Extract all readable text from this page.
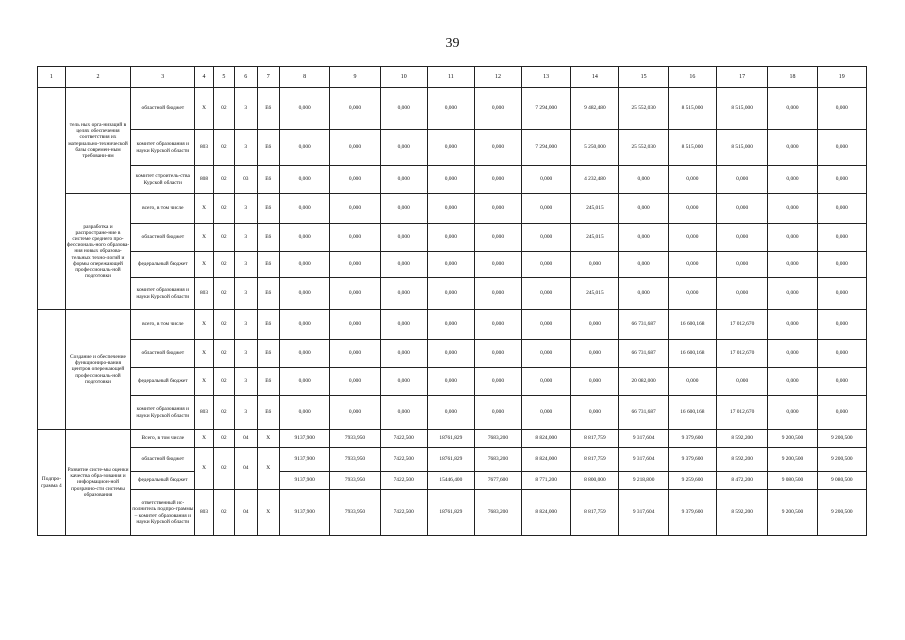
39
1	2	3	4	5	6	7	8	9	10	11	12	13	14	15	16	17	18	19
	тель ных орга-низаций в целях обеспечения соответствия их материально-технической базы современ-ным требовани-ям	областной бюджет	Х	02	3	Е6	0,000	0,000	0,000	0,000	0,000	7 294,000	9 482,480	25 552,030	8 515,000	8 515,000	0,000	0,000
		комитет образования и науки Курской области	803	02	3	Е6	0,000	0,000	0,000	0,000	0,000	7 294,000	5 250,000	25 552,030	8 515,000	8 515,000	0,000	0,000
		комитет строитель-ства Курской области	808	02	03	Е6	0,000	0,000	0,000	0,000	0,000	0,000	4 232,480	0,000	0,000	0,000	0,000	0,000
	разработка и распростране-ние в системе среднего про-фессиональ-ного образова-ния новых образова-тельных техно-логий и формы опережающей профессиональ-ной подготовки	всего, в том числе	Х	02	3	Е6	0,000	0,000	0,000	0,000	0,000	0,000	245,015	0,000	0,000	0,000	0,000	0,000
		областной бюджет	Х	02	3	Е6	0,000	0,000	0,000	0,000	0,000	0,000	245,015	0,000	0,000	0,000	0,000	0,000
		федеральный бюджет	Х	02	3	Е6	0,000	0,000	0,000	0,000	0,000	0,000	0,000	0,000	0,000	0,000	0,000	0,000
		комитет образования и науки Курской области	803	02	3	Е6	0,000	0,000	0,000	0,000	0,000	0,000	245,015	0,000	0,000	0,000	0,000	0,000
	Создание и обеспечение функциониро-вания центров опережающей профессиональ-ной подготовки	всего, в том числе	Х	02	3	Е6	0,000	0,000	0,000	0,000	0,000	0,000	0,000	66 731,687	16 600,168	17 012,670	0,000	0,000
		областной бюджет	Х	02	3	Е6	0,000	0,000	0,000	0,000	0,000	0,000	0,000	66 731,687	16 600,168	17 012,670	0,000	0,000
		федеральный бюджет	Х	02	3	Е6	0,000	0,000	0,000	0,000	0,000	0,000	0,000	20 082,000	0,000	0,000	0,000	0,000
		комитет образования и науки Курской области	803	02	3	Е6	0,000	0,000	0,000	0,000	0,000	0,000	0,000	66 731,687	16 600,168	17 012,670	0,000	0,000
Подпро-грамма 4	Развитие систе-мы оценки качества обра-зования и информацион-ной прозрачно-сти системы образования	Всего, в том числе	Х	02	04	Х	9137,900	7933,950	7422,500	18761,829	7683,200	8 824,000	8 817,759	9 317,604	9 379,600	8 592,200	9 200,500	9 200,500
		областной бюджет	Х	02	04	Х	9137,900	7933,950	7422,500	18761,829	7683,200	8 824,000	8 817,759	9 317,604	9 379,600	8 592,200	9 200,500	9 200,500
		федеральный бюджет					9137,900	7933,950	7422,500	15446,400	7677,600	8 771,200	8 800,000	9 218,800	9 259,600	8 472,200	9 080,500	9 080,500
		ответственный ис-полнитель подпро-граммы – комитет образования и науки Курской области	803	02	04	Х	9137,900	7933,950	7422,500	18761,829	7683,200	8 824,000	8 817,759	9 317,604	9 379,600	8 592,200	9 200,500	9 200,500
